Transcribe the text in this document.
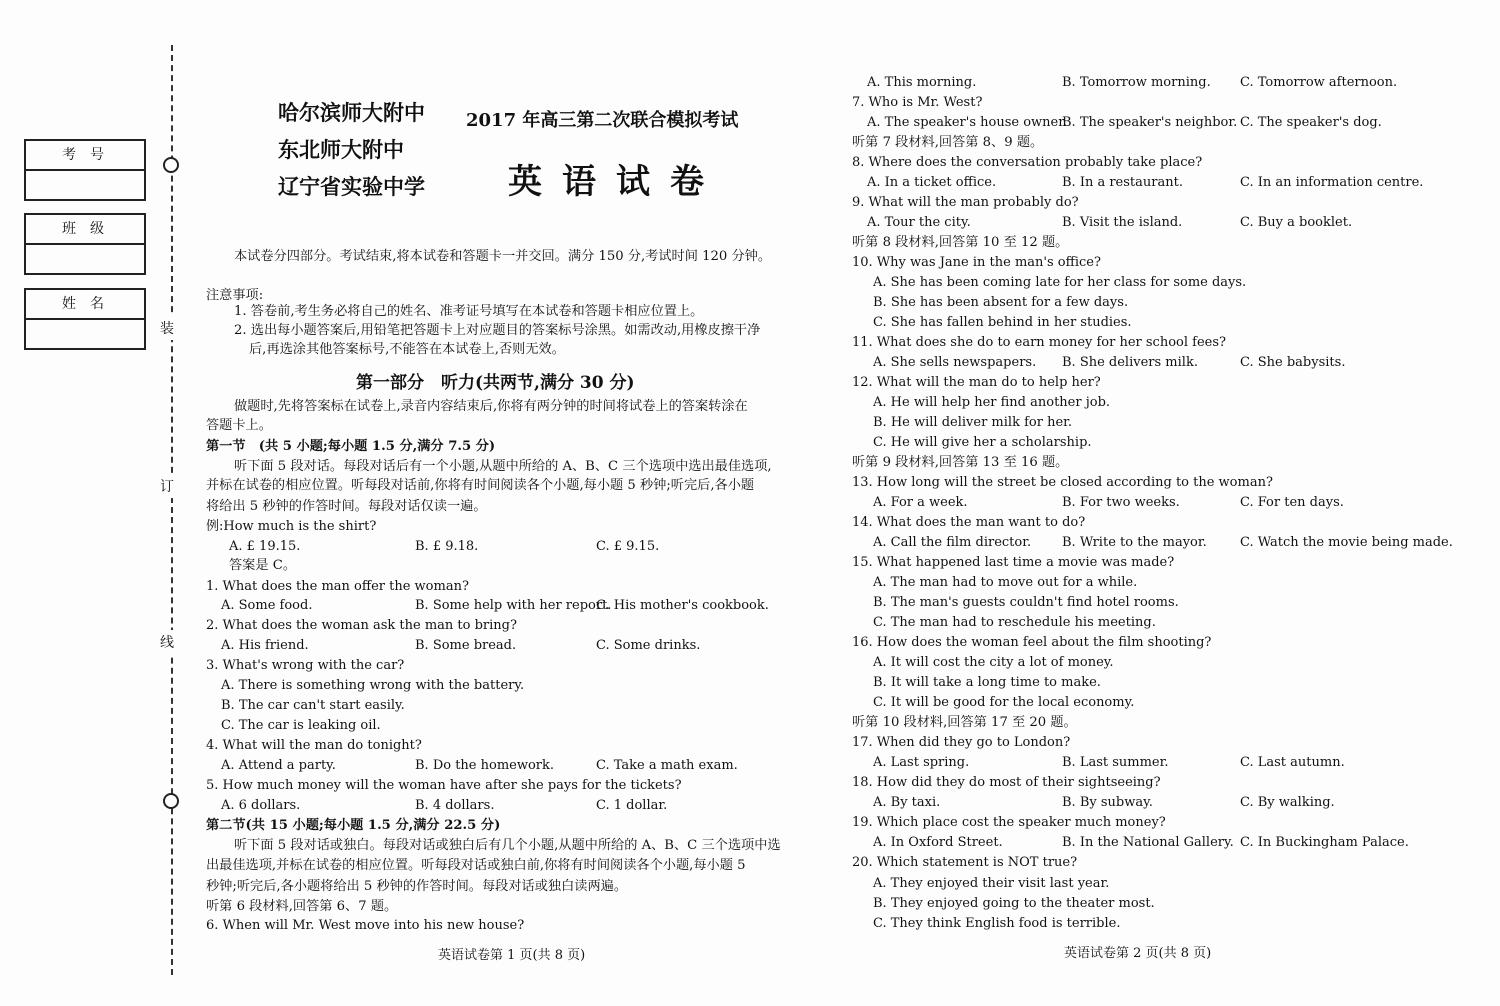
装
订
线
考号
班级
姓名
哈尔滨师大附中
东北师大附中
辽宁省实验中学
2017 年高三第二次联合模拟考试
英语试卷
本试卷分四部分。考试结束,将本试卷和答题卡一并交回。满分 150 分,考试时间 120 分钟。
注意事项:
1. 答卷前,考生务必将自己的姓名、准考证号填写在本试卷和答题卡相应位置上。
2. 选出每小题答案后,用铅笔把答题卡上对应题目的答案标号涂黑。如需改动,用橡皮擦干净
后,再选涂其他答案标号,不能答在本试卷上,否则无效。
第一部分　听力(共两节,满分 30 分)
做题时,先将答案标在试卷上,录音内容结束后,你将有两分钟的时间将试卷上的答案转涂在
答题卡上。
第一节　(共 5 小题;每小题 1.5 分,满分 7.5 分)
听下面 5 段对话。每段对话后有一个小题,从题中所给的 A、B、C 三个选项中选出最佳选项,
并标在试卷的相应位置。听每段对话前,你将有时间阅读各个小题,每小题 5 秒钟;听完后,各小题
将给出 5 秒钟的作答时间。每段对话仅读一遍。
例:How much is the shirt?
A. £ 19.15.	B. £ 9.18.	C. £ 9.15.
答案是 C。
1. What does the man offer the woman?
A. Some food.	B. Some help with her report.
C. His mother's cookbook.
2. What does the woman ask the man to bring?
A. His friend.	B. Some bread.	C. Some drinks.
3. What's wrong with the car?
A. There is something wrong with the battery.
B. The car can't start easily.
C. The car is leaking oil.
4. What will the man do tonight?
A. Attend a party.	B. Do the homework.	C. Take a math exam.
5. How much money will the woman have after she pays for the tickets?
A. 6 dollars.	B. 4 dollars.	C. 1 dollar.
第二节(共 15 小题;每小题 1.5 分,满分 22.5 分)
听下面 5 段对话或独白。每段对话或独白后有几个小题,从题中所给的 A、B、C 三个选项中选
出最佳选项,并标在试卷的相应位置。听每段对话或独白前,你将有时间阅读各个小题,每小题 5
秒钟;听完后,各小题将给出 5 秒钟的作答时间。每段对话或独白读两遍。
听第 6 段材料,回答第 6、7 题。
6. When will Mr. West move into his new house?
英语试卷第 1 页(共 8 页)
A. This morning.	B. Tomorrow morning. C. Tomorrow afternoon.
7. Who is Mr. West?
A. The speaker's house owner.
B. The speaker's neighbor. C. The speaker's dog.
听第 7 段材料,回答第 8、9 题。
8. Where does the conversation probably take place?
A. In a ticket office.	B. In a restaurant.	C. In an information centre.
9. What will the man probably do?
A. Tour the city.	B. Visit the island.	C. Buy a booklet.
听第 8 段材料,回答第 10 至 12 题。
10. Why was Jane in the man's office?
A. She has been coming late for her class for some days.
B. She has been absent for a few days.
C. She has fallen behind in her studies.
11. What does she do to earn money for her school fees?
A. She sells newspapers. B. She delivers milk.	C. She babysits.
12. What will the man do to help her?
A. He will help her find another job.
B. He will deliver milk for her.
C. He will give her a scholarship.
听第 9 段材料,回答第 13 至 16 题。
13. How long will the street be closed according to the woman?
A. For a week.	B. For two weeks.	C. For ten days.
14. What does the man want to do?
A. Call the film director. B. Write to the mayor.	C. Watch the movie being made.
15. What happened last time a movie was made?
A. The man had to move out for a while.
B. The man's guests couldn't find hotel rooms.
C. The man had to reschedule his meeting.
16. How does the woman feel about the film shooting?
A. It will cost the city a lot of money.
B. It will take a long time to make.
C. It will be good for the local economy.
听第 10 段材料,回答第 17 至 20 题。
17. When did they go to London?
A. Last spring.	B. Last summer.	C. Last autumn.
18. How did they do most of their sightseeing?
A. By taxi.	B. By subway.	C. By walking.
19. Which place cost the speaker much money?
A. In Oxford Street.	B. In the National Gallery. C. In Buckingham Palace.
20. Which statement is NOT true?
A. They enjoyed their visit last year.
B. They enjoyed going to the theater most.
C. They think English food is terrible.
英语试卷第 2 页(共 8 页)
